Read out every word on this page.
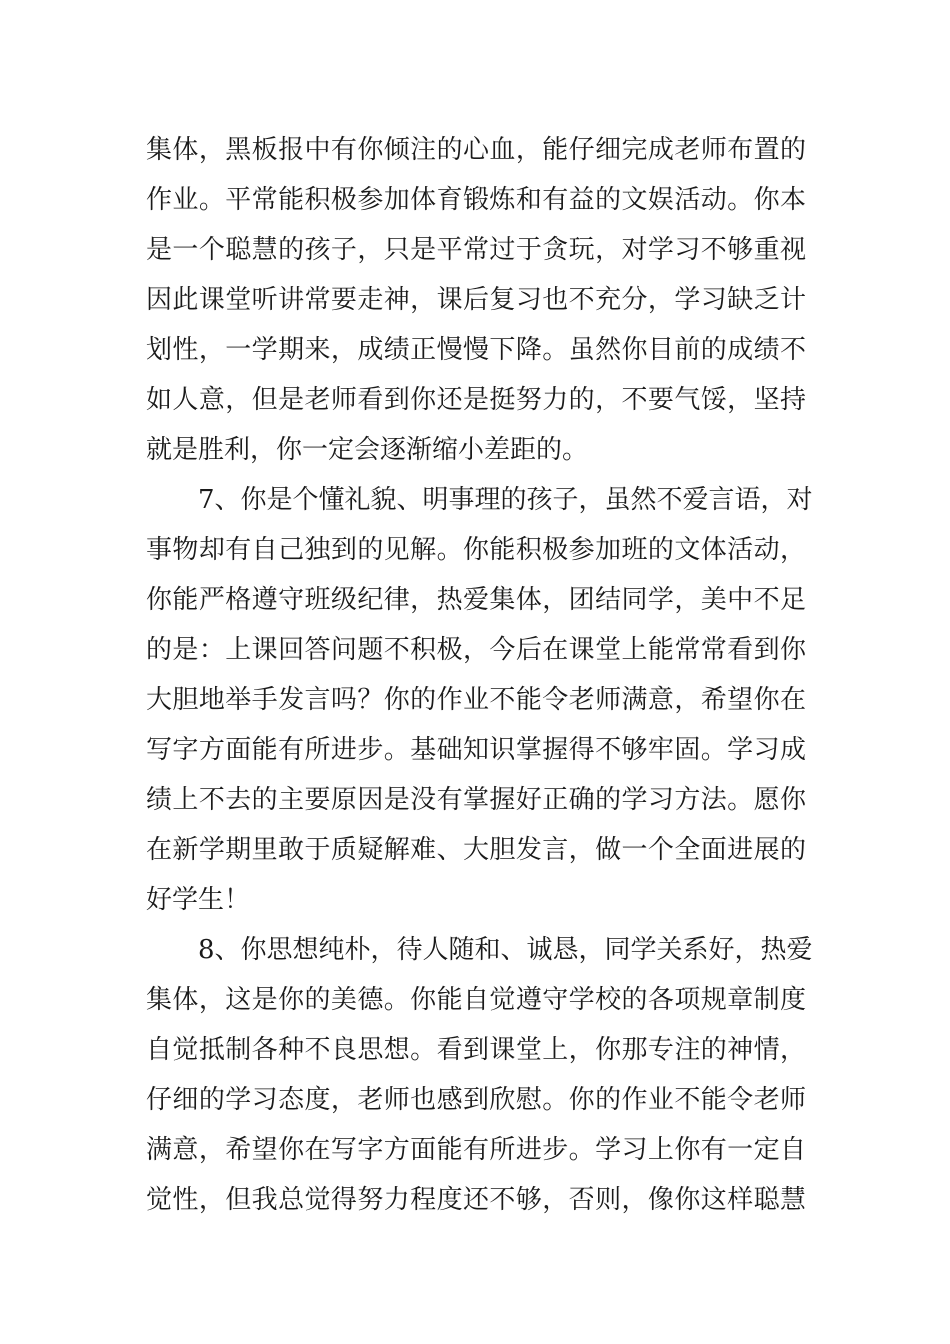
集体，黑板报中有你倾注的心血，能仔细完成老师布置的
作业。平常能积极参加体育锻炼和有益的文娱活动。你本
是一个聪慧的孩子，只是平常过于贪玩，对学习不够重视
因此课堂听讲常要走神，课后复习也不充分，学习缺乏计
划性，一学期来，成绩正慢慢下降。虽然你目前的成绩不
如人意，但是老师看到你还是挺努力的，不要气馁，坚持
就是胜利，你一定会逐渐缩小差距的。
7、你是个懂礼貌、明事理的孩子，虽然不爱言语，对
事物却有自己独到的见解。你能积极参加班的文体活动，
你能严格遵守班级纪律，热爱集体，团结同学，美中不足
的是：上课回答问题不积极，今后在课堂上能常常看到你
大胆地举手发言吗？你的作业不能令老师满意，希望你在
写字方面能有所进步。基础知识掌握得不够牢固。学习成
绩上不去的主要原因是没有掌握好正确的学习方法。愿你
在新学期里敢于质疑解难、大胆发言，做一个全面进展的
好学生！
8、你思想纯朴，待人随和、诚恳，同学关系好，热爱
集体，这是你的美德。你能自觉遵守学校的各项规章制度
自觉抵制各种不良思想。看到课堂上，你那专注的神情，
仔细的学习态度，老师也感到欣慰。你的作业不能令老师
满意，希望你在写字方面能有所进步。学习上你有一定自
觉性，但我总觉得努力程度还不够，否则，像你这样聪慧
